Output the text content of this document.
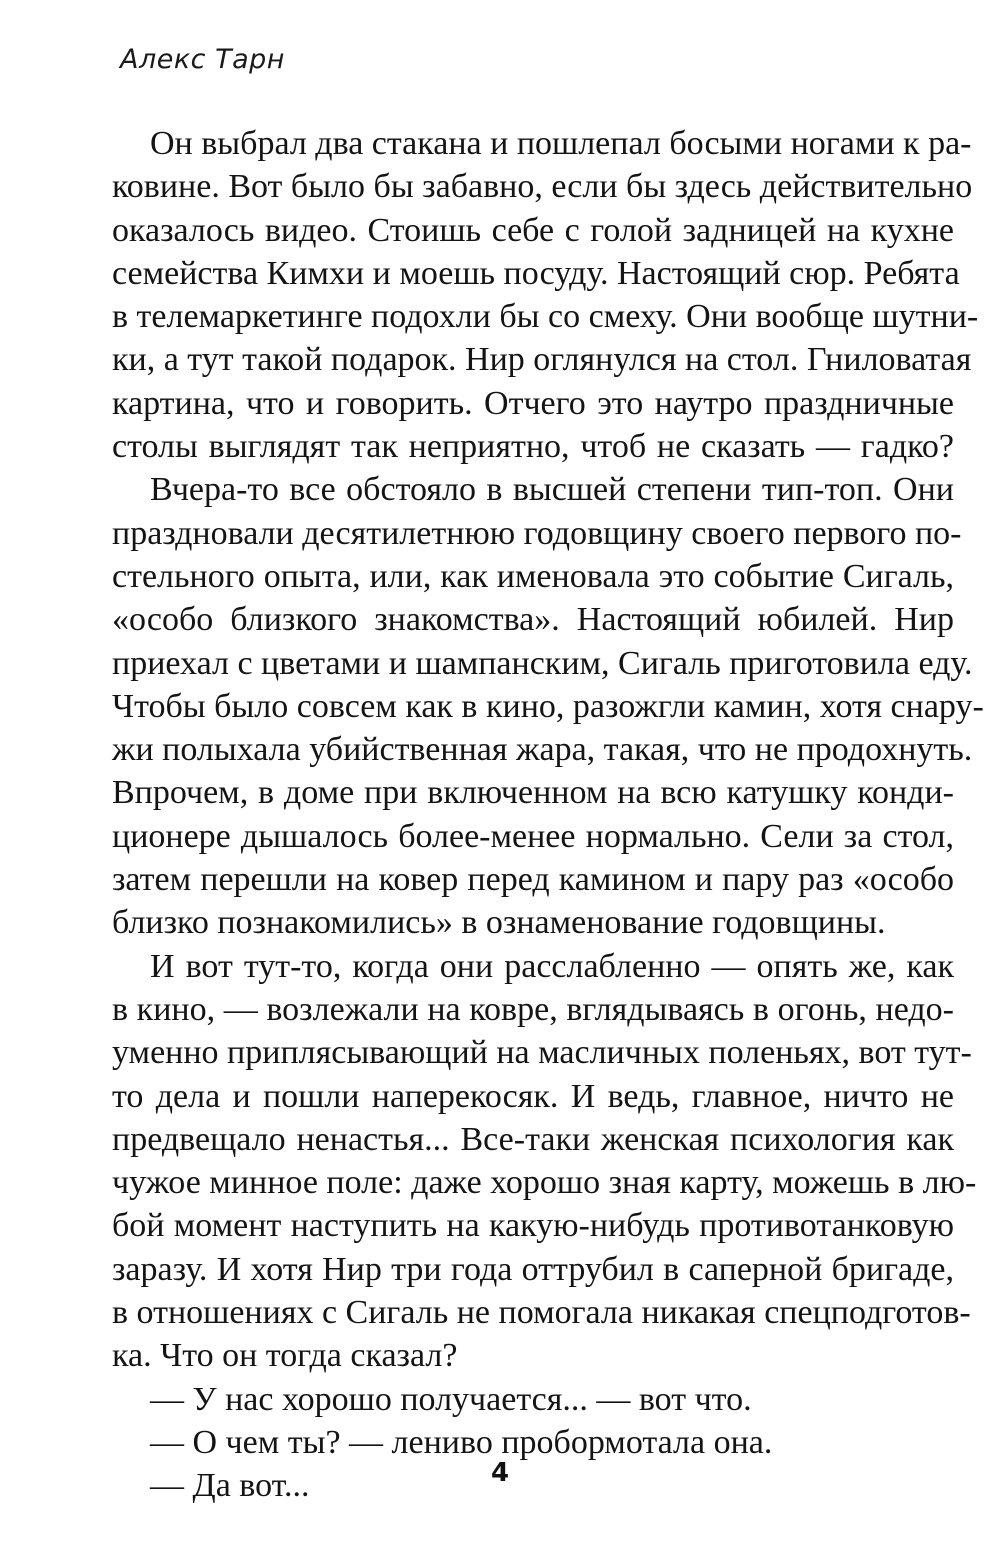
Алекс Тарн

Он выбрал два стакана и пошлепал босыми ногами к ра-
ковине. Вот было бы забавно, если бы здесь действительно
оказалось видео. Стоишь себе с голой задницей на кухне
семейства Кимхи и моешь посуду. Настоящий сюр. Ребята
в телемаркетинге подохли бы со смеху. Они вообще шутни-
ки, а тут такой подарок. Нир оглянулся на стол. Гниловатая
картина, что и говорить. Отчего это наутро праздничные
столы выглядят так неприятно, чтоб не сказать — гадко?
Вчера-то все обстояло в высшей степени тип-топ. Они
праздновали десятилетнюю годовщину своего первого по-
стельного опыта, или, как именовала это событие Сигаль,
«особо близкого знакомства». Настоящий юбилей. Нир
приехал с цветами и шампанским, Сигаль приготовила еду.
Чтобы было совсем как в кино, разожгли камин, хотя снару-
жи полыхала убийственная жара, такая, что не продохнуть.
Впрочем, в доме при включенном на всю катушку конди-
ционере дышалось более-менее нормально. Сели за стол,
затем перешли на ковер перед камином и пару раз «особо
близко познакомились» в ознаменование годовщины.
И вот тут-то, когда они расслабленно — опять же, как
в кино, — возлежали на ковре, вглядываясь в огонь, недо-
уменно приплясывающий на масличных поленьях, вот тут-
то дела и пошли наперекосяк. И ведь, главное, ничто не
предвещало ненастья... Все-таки женская психология как
чужое минное поле: даже хорошо зная карту, можешь в лю-
бой момент наступить на какую-нибудь противотанковую
заразу. И хотя Нир три года оттрубил в саперной бригаде,
в отношениях с Сигаль не помогала никакая спецподготов-
ка. Что он тогда сказал?
— У нас хорошо получается... — вот что.
— О чем ты? — лениво пробормотала она.
— Да вот...	4
